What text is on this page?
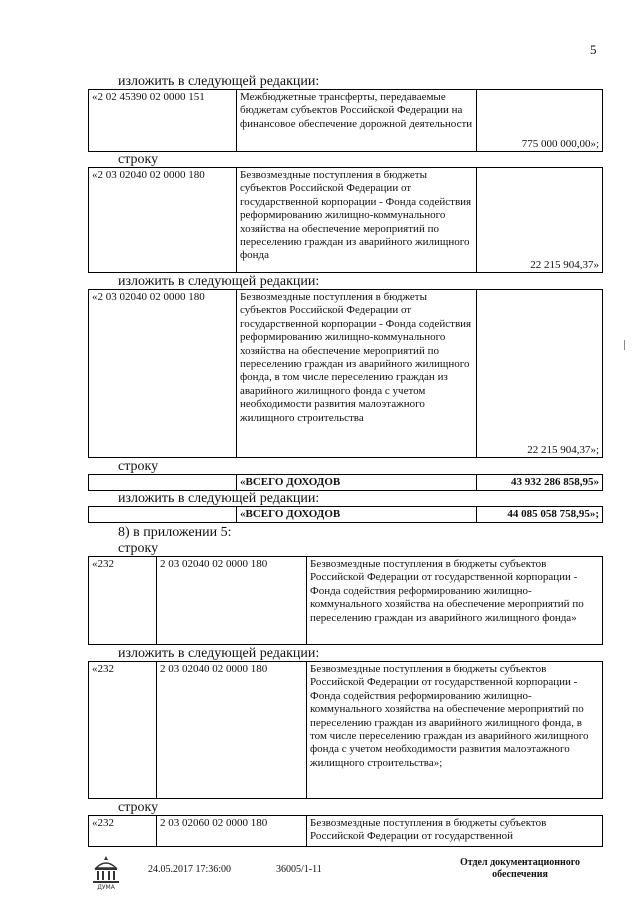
5
изложить в следующей редакции:
«2 02 45390 02 0000 151	Межбюджетные трансферты, передаваемые бюджетам субъектов Российской Федерации на финансовое обеспечение дорожной деятельности	775 000 000,00»;
строку
«2 03 02040 02 0000 180	Безвозмездные поступления в бюджеты субъектов Российской Федерации от государственной корпорации - Фонда содействия реформированию жилищно-коммунального хозяйства на обеспечение мероприятий по переселению граждан из аварийного жилищного фонда	22 215 904,37»
изложить в следующей редакции:
«2 03 02040 02 0000 180	Безвозмездные поступления в бюджеты субъектов Российской Федерации от государственной корпорации - Фонда содействия реформированию жилищно-коммунального хозяйства на обеспечение мероприятий по переселению граждан из аварийного жилищного фонда, в том числе переселению граждан из аварийного жилищного фонда с учетом необходимости развития малоэтажного жилищного строительства	22 215 904,37»;
строку
	«ВСЕГО ДОХОДОВ	43 932 286 858,95»
изложить в следующей редакции:
	«ВСЕГО ДОХОДОВ	44 085 058 758,95»;
8) в приложении 5:
строку
«232	2 03 02040 02 0000 180	Безвозмездные поступления в бюджеты субъектов Российской Федерации от государственной корпорации - Фонда содействия реформированию жилищно-коммунального хозяйства на обеспечение мероприятий по переселению граждан из аварийного жилищного фонда»
изложить в следующей редакции:
«232	2 03 02040 02 0000 180	Безвозмездные поступления в бюджеты субъектов Российской Федерации от государственной корпорации - Фонда содействия реформированию жилищно-коммунального хозяйства на обеспечение мероприятий по переселению граждан из аварийного жилищного фонда, в том числе переселению граждан из аварийного жилищного фонда с учетом необходимости развития малоэтажного жилищного строительства»;
строку
«232	2 03 02060 02 0000 180	Безвозмездные поступления в бюджеты субъектов Российской Федерации от государственной
ДУМА
24.05.2017 17:36:00	36005/1-11
Отдел документационного
обеспечения
